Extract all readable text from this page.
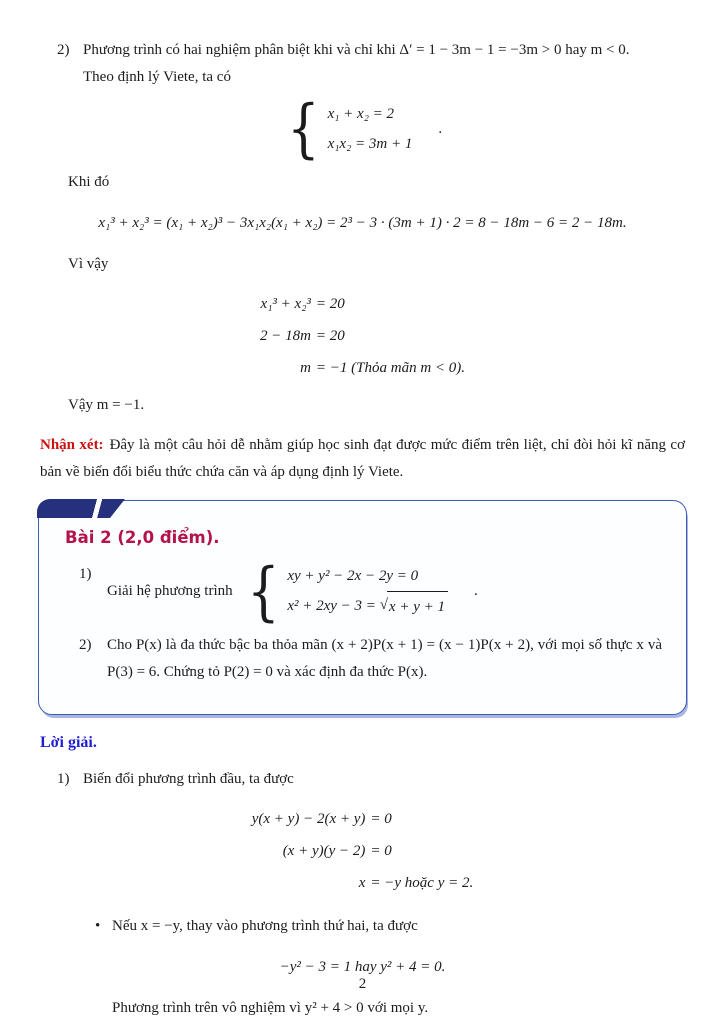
2) Phương trình có hai nghiệm phân biệt khi và chỉ khi Δ′ = 1 − 3m − 1 = −3m > 0 hay m < 0.

Theo định lý Viete, ta có

{ x₁ + x₂ = 2
x₁x₂ = 3m + 1
.

Khi đó

x₁³ + x₂³ = (x₁ + x₂)³ − 3x₁x₂(x₁ + x₂) = 2³ − 3 · (3m + 1) · 2 = 8 − 18m − 6 = 2 − 18m.

Vì vậy

x₁³ + x₂³	= 20
2 − 18m	= 20
m	= −1 (Thỏa mãn m < 0).

Vậy m = −1.

Nhận xét: Đây là một câu hỏi dễ nhằm giúp học sinh đạt được mức điểm trên liệt, chỉ đòi hỏi kĩ năng cơ bản về biến đổi biểu thức chứa căn và áp dụng định lý Viete.

Bài 2 (2,0 điểm).
1)
Giải hệ phương trình { xy + y² − 2x − 2y = 0
x² + 2xy − 3 = √ x + y + 1
.
2)	Cho P(x) là đa thức bậc ba thỏa mãn (x + 2)P(x + 1) = (x − 1)P(x + 2), với mọi số thực x và P(3) = 6. Chứng tỏ P(2) = 0 và xác định đa thức P(x).
Lời giải.
1) Biến đổi phương trình đầu, ta được
y(x + y) − 2(x + y)	= 0
(x + y)(y − 2)	= 0
x	= −y hoặc y = 2.
• Nếu x = −y, thay vào phương trình thứ hai, ta được
−y² − 3 = 1 hay y² + 4 = 0.

Phương trình trên vô nghiệm vì y² + 4 > 0 với mọi y.

2
